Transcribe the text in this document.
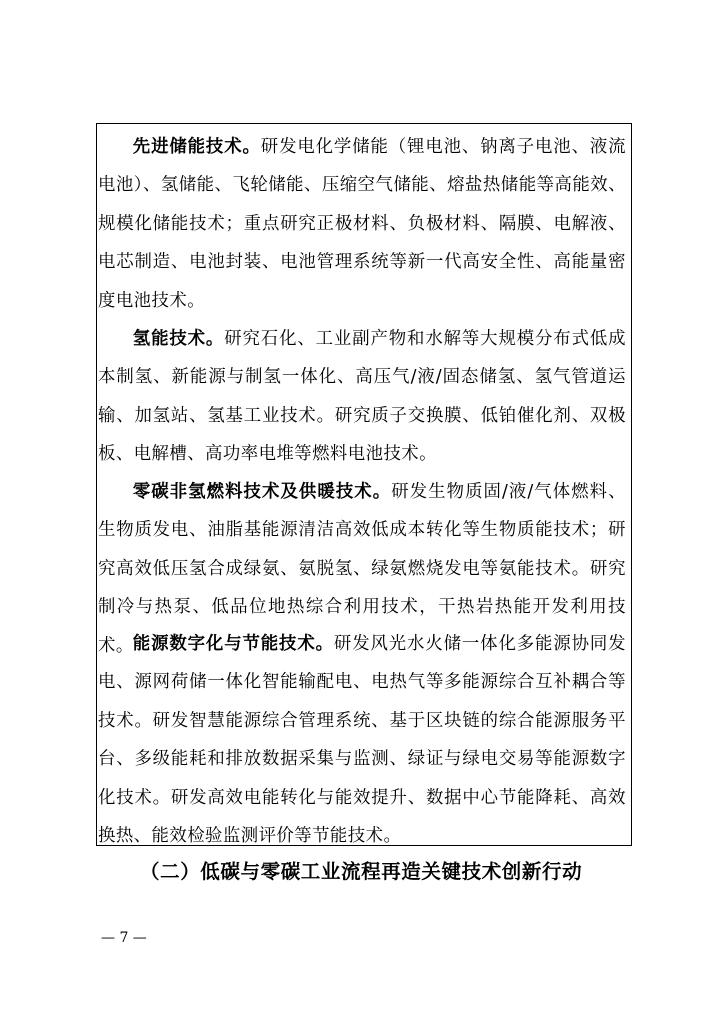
先进储能技术。研发电化学储能（锂电池、钠离子电池、液流电池）、氢储能、飞轮储能、压缩空气储能、熔盐热储能等高能效、规模化储能技术；重点研究正极材料、负极材料、隔膜、电解液、电芯制造、电池封装、电池管理系统等新一代高安全性、高能量密度电池技术。

氢能技术。研究石化、工业副产物和水解等大规模分布式低成本制氢、新能源与制氢一体化、高压气/液/固态储氢、氢气管道运输、加氢站、氢基工业技术。研究质子交换膜、低铂催化剂、双极板、电解槽、高功率电堆等燃料电池技术。

零碳非氢燃料技术及供暖技术。研发生物质固/液/气体燃料、生物质发电、油脂基能源清洁高效低成本转化等生物质能技术；研究高效低压氢合成绿氨、氨脱氢、绿氨燃烧发电等氨能技术。研究制冷与热泵、低品位地热综合利用技术，干热岩热能开发利用技术。 能源数字化与节能技术。研发风光水火储一体化多能源协同发电、源网荷储一体化智能输配电、电热气等多能源综合互补耦合等技术。研发智慧能源综合管理系统、基于区块链的综合能源服务平台、多级能耗和排放数据采集与监测、绿证与绿电交易等能源数字化技术。研发高效电能转化与能效提升、数据中心节能降耗、高效换热、能效检验监测评价等节能技术。

（二）低碳与零碳工业流程再造关键技术创新行动
— 7 —
